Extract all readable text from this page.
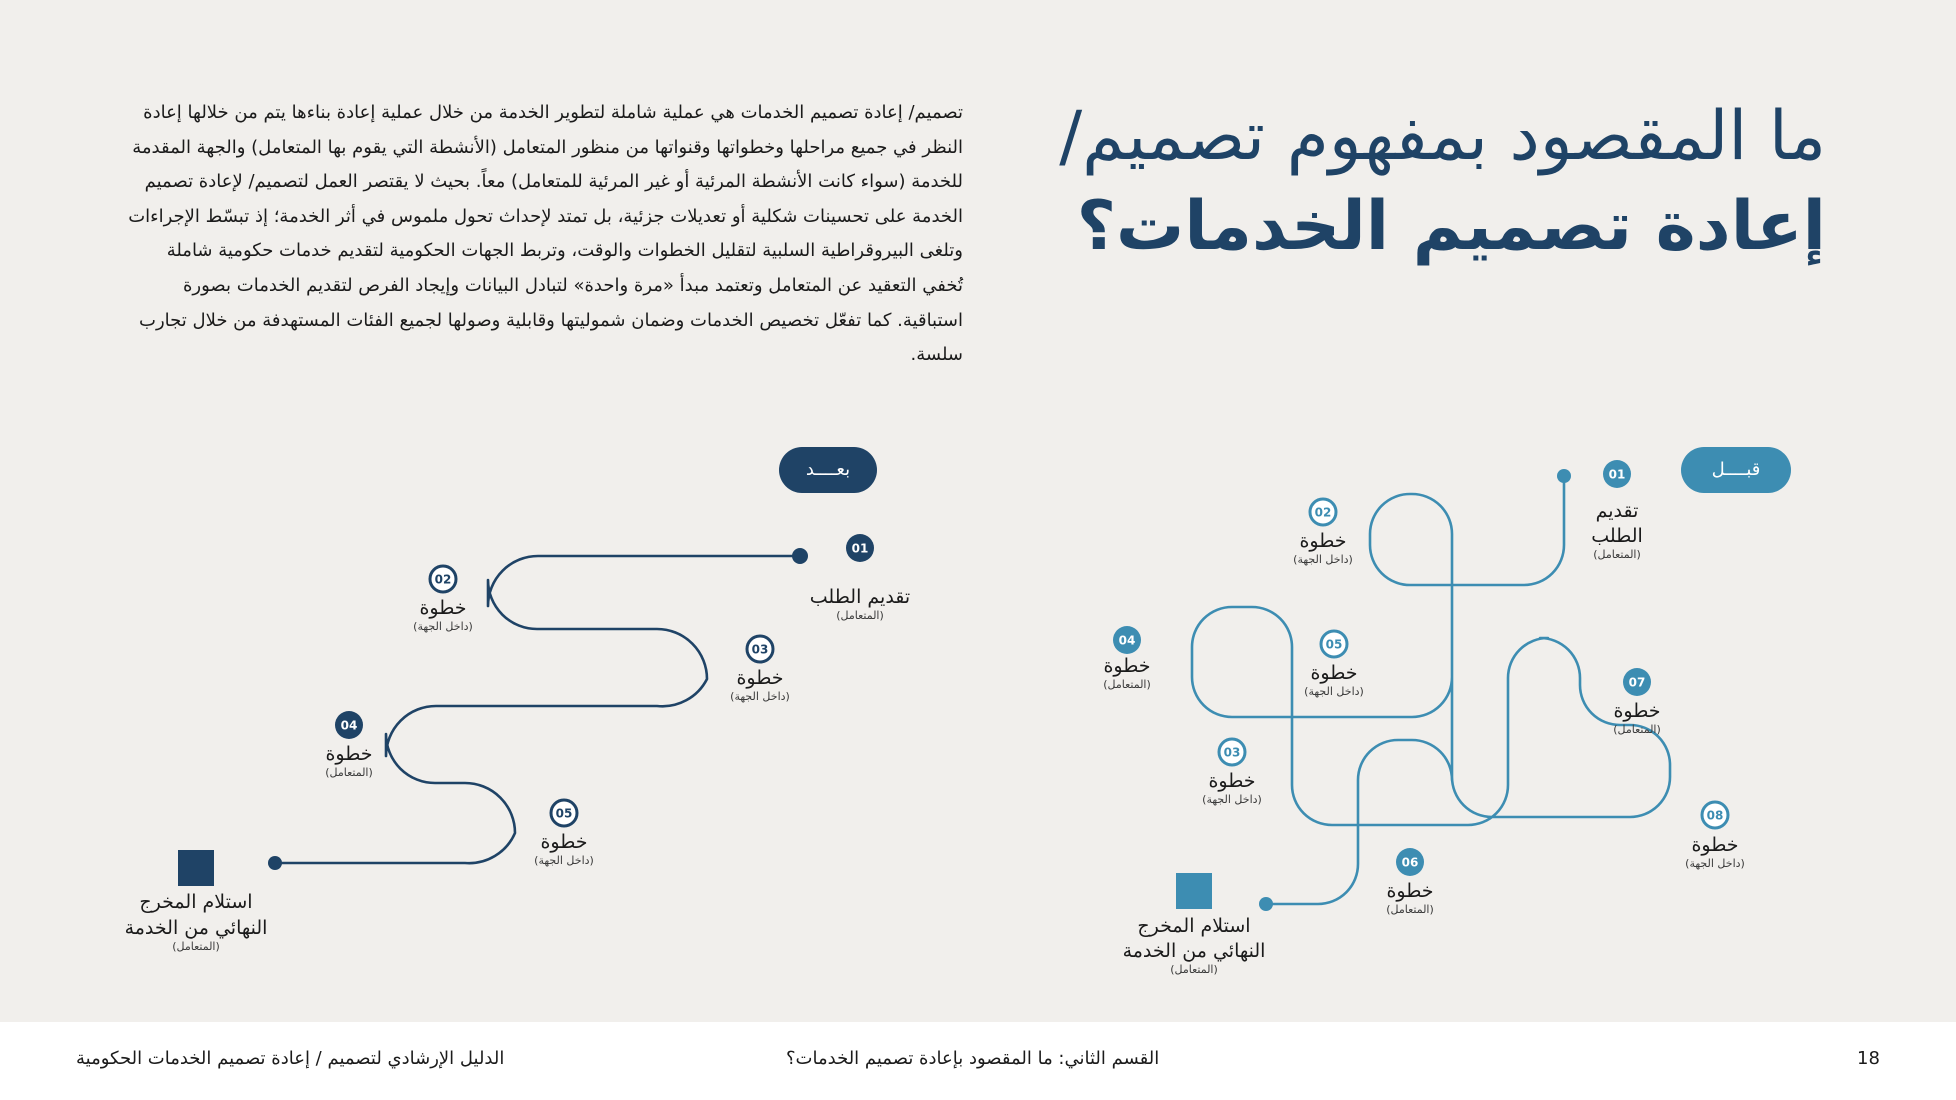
ما المقصود بمفهوم تصميم/
إعادة تصميم الخدمات؟

تصميم/ إعادة تصميم الخدمات هي عملية شاملة لتطوير الخدمة من خلال عملية إعادة بناءها يتم من خلالها إعادة النظر في جميع مراحلها وخطواتها وقنواتها من منظور المتعامل (الأنشطة التي يقوم بها المتعامل) والجهة المقدمة للخدمة (سواء كانت الأنشطة المرئية أو غير المرئية للمتعامل) معاً. بحيث لا يقتصر العمل لتصميم/ لإعادة تصميم الخدمة على تحسينات شكلية أو تعديلات جزئية، بل تمتد لإحداث تحول ملموس في أثر الخدمة؛ إذ تبسّط الإجراءات وتلغى البيروقراطية السلبية لتقليل الخطوات والوقت، وتربط الجهات الحكومية لتقديم خدمات حكومية شاملة تُخفي التعقيد عن المتعامل وتعتمد مبدأ «مرة واحدة» لتبادل البيانات وإيجاد الفرص لتقديم الخدمات بصورة استباقية. كما تفعّل تخصيص الخدمات وضمان شموليتها وقابلية وصولها لجميع الفئات المستهدفة من خلال تجارب سلسة.

قبــــل
بعــــد	01
تقديم
الطلب
(المتعامل)
02
خطوة
(داخل الجهة)
03
خطوة
(داخل الجهة)
04
خطوة
(المتعامل)
05
خطوة
(داخل الجهة)
06
خطوة
(المتعامل)
07
خطوة
(المتعامل)
08
خطوة
(داخل الجهة)
استلام المخرج
النهائي من الخدمة
(المتعامل)
01
تقديم الطلب
(المتعامل)
02
خطوة
(داخل الجهة)
03
خطوة
(داخل الجهة)
04
خطوة
(المتعامل)
05
خطوة
(داخل الجهة)
استلام المخرج
النهائي من الخدمة
(المتعامل)
الدليل الإرشادي لتصميم / إعادة تصميم الخدمات الحكومية	القسم الثاني: ما المقصود بإعادة تصميم الخدمات؟	18
